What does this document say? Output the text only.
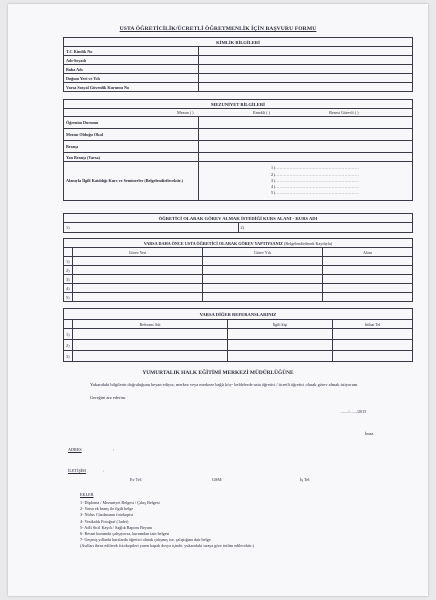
USTA ÖĞRETİCİLİK/ÜCRETLİ ÖĞRETMENLİK İÇİN BAŞVURU FORMU
KİMLİK BİLGİLERİ	
T.C Kimlik No	
Adı-Soyadı	
Baba Adı	
Doğum Yeri ve Yılı	
Varsa Sosyal Güvenlik Kurumu No	
MEZUNİYET BİLGİLERİ	
Mezun ( ) Emekli ( ) Resmi Görevli ( )	
Öğrenim Durumu	
Mezun Olduğu Okul	
Branşı	
Yan Branşı (Varsa)	
Alanıyla İlgili Katıldığı Kurs ve Seminerler (Belgelendirilecektir.)	1)..........................................................
2)..........................................................
3)..........................................................
4)..........................................................
5)..........................................................
ÖĞRETİCİ OLARAK GÖREV ALMAK İSTEDİĞİ KURS ALANI - KURS ADI
1)	2)
VARSA DAHA ÖNCE USTA ÖĞRETİCİ OLARAK GÖREV YAPTIYSANIZ (Belgelendirilmek Kaydıyla)			
	Görev Yeri	Görev Yılı	Alanı
1)			
2)			
3)			
4)			
5)			
VARSA DİĞER REFERANSLARINIZ			
	Referans Adı	İlgili kişi	İrtibat Tel
1)			
2)			
3)			
YUMURTALIK HALK EĞİTİMİ MERKEZİ MÜDÜRLÜĞÜNE
Yukarıdaki bilgilerin doğruluğunu beyan ediyor, merkez veya merkeze bağlı köy- beldelerde usta öğretici / ücretli öğretici olarak görev almak istiyorum.
Gereğini arz ederim.
......./......./2015
İmza
ADRES	:
İLETİŞİM	:
Ev Tel:	GSM:	İş Tel:
EKLER
1- Diploma / Mezuniyet Belgesi / Çıkış Belgesi
2- Varsa ek branş ile ilgili belge
3- Nüfus Cüzdanının fotokopisi
4- Vesikalık Fotoğraf (1adet)
5- Adli Sicil Kaydı / Sağlık Raporu Beyanı
6- Resmi kurumda çalışıyorsa, kurumdan izin belgesi
7- Geçmiş yıllarda kurslarda öğretici olarak çalışmış ise, çalıştığına dair belge.
(Asılları ibraz edilerek fotokopileri yaren kapak dosya içinde, yukarıdaki sıraya göre teslim edilecektir.)
